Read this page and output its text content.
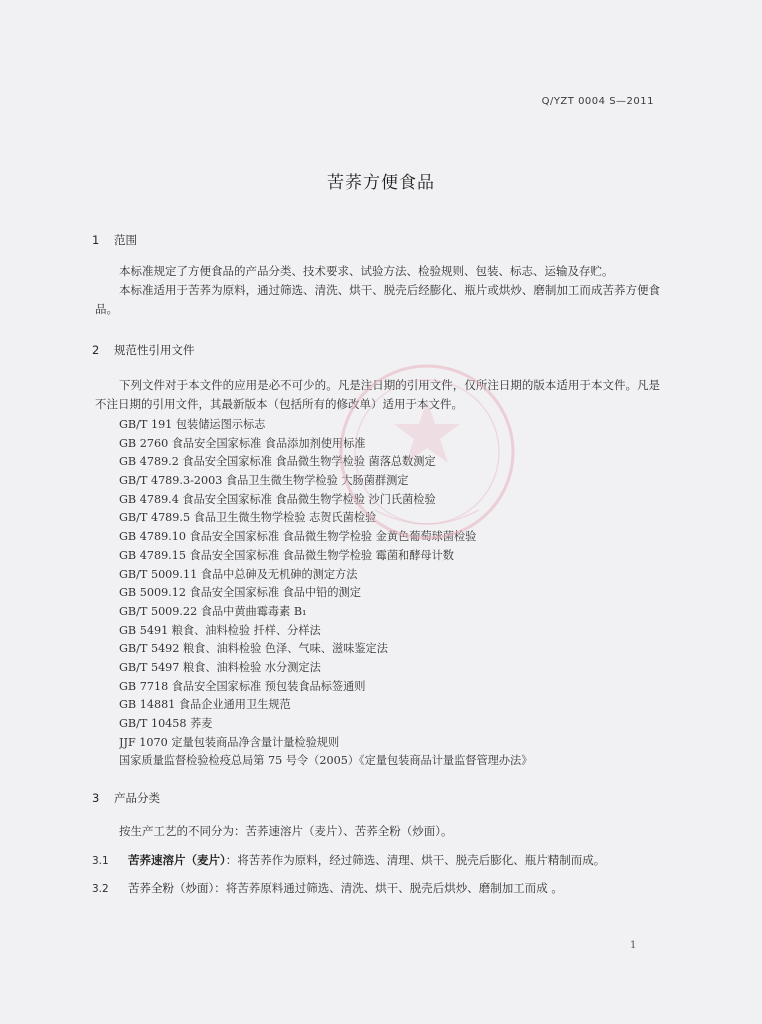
Q/YZT 0004 S—2011
苦荞方便食品
1 范围
本标准规定了方便食品的产品分类、技术要求、试验方法、检验规则、包装、标志、运输及存贮。
本标准适用于苦荞为原料，通过筛选、清洗、烘干、脱壳后经膨化、瓶片或烘炒、磨制加工而成苦荞方便食品。
2 规范性引用文件
下列文件对于本文件的应用是必不可少的。凡是注日期的引用文件，仅所注日期的版本适用于本文件。凡是不注日期的引用文件，其最新版本（包括所有的修改单）适用于本文件。
GB/T 191 包装储运图示标志
GB 2760 食品安全国家标准 食品添加剂使用标准
GB 4789.2 食品安全国家标准 食品微生物学检验 菌落总数测定
GB/T 4789.3-2003 食品卫生微生物学检验 大肠菌群测定
GB 4789.4 食品安全国家标准 食品微生物学检验 沙门氏菌检验
GB/T 4789.5 食品卫生微生物学检验 志贺氏菌检验
GB 4789.10 食品安全国家标准 食品微生物学检验 金黄色葡萄球菌检验
GB 4789.15 食品安全国家标准 食品微生物学检验 霉菌和酵母计数
GB/T 5009.11 食品中总砷及无机砷的测定方法
GB 5009.12 食品安全国家标准 食品中铅的测定
GB/T 5009.22 食品中黄曲霉毒素 B₁
GB 5491 粮食、油料检验 扦样、分样法
GB/T 5492 粮食、油料检验 色泽、气味、滋味鉴定法
GB/T 5497 粮食、油料检验 水分测定法
GB 7718 食品安全国家标准 预包装食品标签通则
GB 14881 食品企业通用卫生规范
GB/T 10458 荞麦
JJF 1070 定量包装商品净含量计量检验规则
国家质量监督检验检疫总局第 75 号令（2005）《定量包装商品计量监督管理办法》
3 产品分类
按生产工艺的不同分为：苦荞速溶片（麦片）、苦荞全粉（炒面）。
3.1 苦荞速溶片（麦片）：将苦荞作为原料，经过筛选、清理、烘干、脱壳后膨化、瓶片精制而成。
3.2 苦荞全粉（炒面）：将苦荞原料通过筛选、清洗、烘干、脱壳后烘炒、磨制加工而成 。
1
